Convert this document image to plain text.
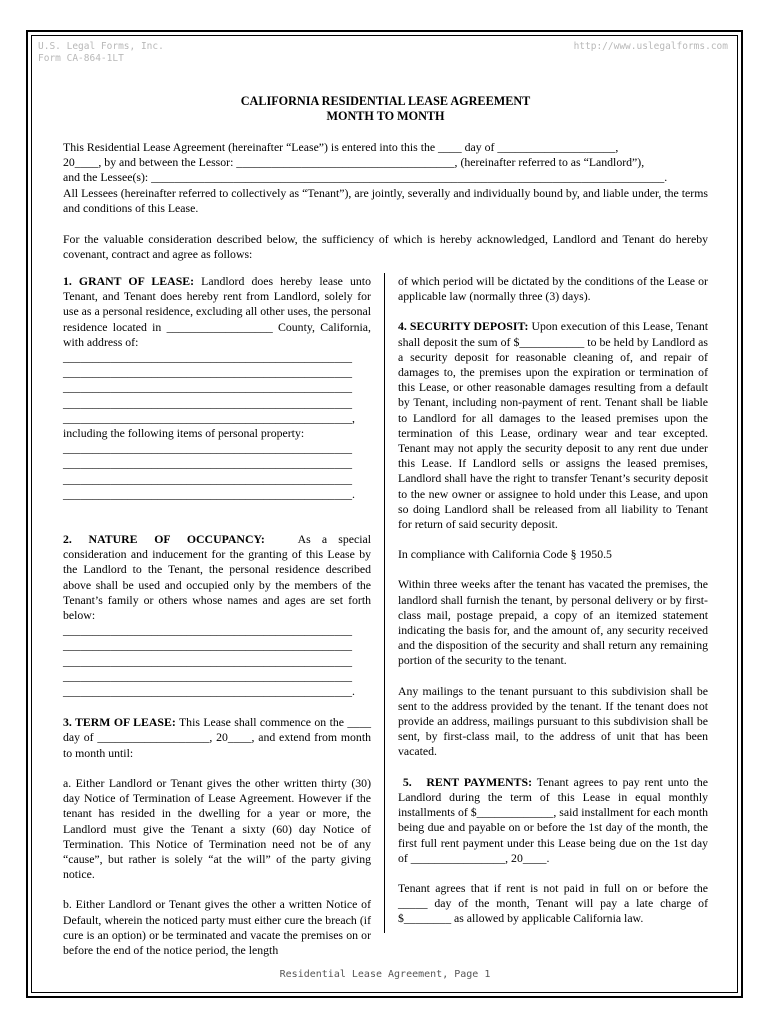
U.S. Legal Forms, Inc.
Form CA-864-1LT
http://www.uslegalforms.com
CALIFORNIA RESIDENTIAL LEASE AGREEMENT
MONTH TO MONTH

This Residential Lease Agreement (hereinafter “Lease”) is entered into this the ____ day of ____________________,

20____, by and between the Lessor: _____________________________________, (hereinafter referred to as “Landlord”),

and the Lessee(s): _______________________________________________________________________________________.

All Lessees (hereinafter referred to collectively as “Tenant”), are jointly, severally and individually bound by, and liable under, the terms and conditions of this Lease.

For the valuable consideration described below, the sufficiency of which is hereby acknowledged, Landlord and Tenant do hereby covenant, contract and agree as follows:

1. GRANT OF LEASE: Landlord does hereby lease unto Tenant, and Tenant does hereby rent from Landlord, solely for use as a personal residence, excluding all other uses, the personal residence located in __________________ County, California, with address of:

_________________________________________________

_________________________________________________

_________________________________________________

_________________________________________________

_________________________________________________,

including the following items of personal property:

_________________________________________________

_________________________________________________

_________________________________________________

_________________________________________________.

2.   NATURE   OF   OCCUPANCY:      As  a  special consideration and inducement for the granting of this Lease by the Landlord to the Tenant, the personal residence described above shall be used and occupied only by the members of the Tenant’s family or others whose names and ages are set forth below:

_________________________________________________

_________________________________________________

_________________________________________________

_________________________________________________

_________________________________________________.

3. TERM OF LEASE: This Lease shall commence on the ____ day of ___________________, 20____, and extend from month to month until:

a. Either Landlord or Tenant gives the other written thirty (30) day Notice of Termination of Lease Agreement. However if the tenant has resided in the dwelling for a year or more, the Landlord must give the Tenant a sixty (60) day Notice of Termination. This Notice of Termination need not be of any “cause”, but rather is solely “at the will” of the party giving notice.

b. Either Landlord or Tenant gives the other a written Notice of Default, wherein the noticed party must either cure the breach (if cure is an option) or be terminated and vacate the premises on or before the end of the notice period, the length

of which period will be dictated by the conditions of the Lease or applicable law (normally three (3) days).

4. SECURITY DEPOSIT: Upon execution of this Lease, Tenant shall deposit the sum of $___________ to be held by Landlord as a security deposit for reasonable cleaning of, and repair of damages to, the premises upon the expiration or termination of this Lease, or other reasonable damages resulting from a default by Tenant, including non-payment of rent. Tenant shall be liable to Landlord for all damages to the leased premises upon the termination of this Lease, ordinary wear and tear excepted. Tenant may not apply the security deposit to any rent due under this Lease. If Landlord sells or assigns the leased premises, Landlord shall have the right to transfer Tenant’s security deposit to the new owner or assignee to hold under this Lease, and upon so doing Landlord shall be released from all liability to Tenant for return of said security deposit.

In compliance with California Code § 1950.5

Within three weeks after the tenant has vacated the premises, the landlord shall furnish the tenant, by personal delivery or by first-class mail, postage prepaid, a copy of an itemized statement indicating the basis for, and the amount of, any security received and the disposition of the security and shall return any remaining portion of the security to the tenant.

Any mailings to the tenant pursuant to this subdivision shall be sent to the address provided by the tenant. If the tenant does not provide an address, mailings pursuant to this subdivision shall be sent, by first-class mail, to the address of unit that has been vacated.

5.   RENT PAYMENTS: Tenant agrees to pay rent unto the Landlord during the term of this Lease in equal monthly installments of $_____________, said installment for each month being due and payable on or before the 1st day of the month, the first full rent payment under this Lease being due on the 1st day of ________________, 20____.

Tenant agrees that if rent is not paid in full on or before the _____ day of the month, Tenant will pay a late charge of $________ as allowed by applicable California law.

Residential Lease Agreement, Page 1
